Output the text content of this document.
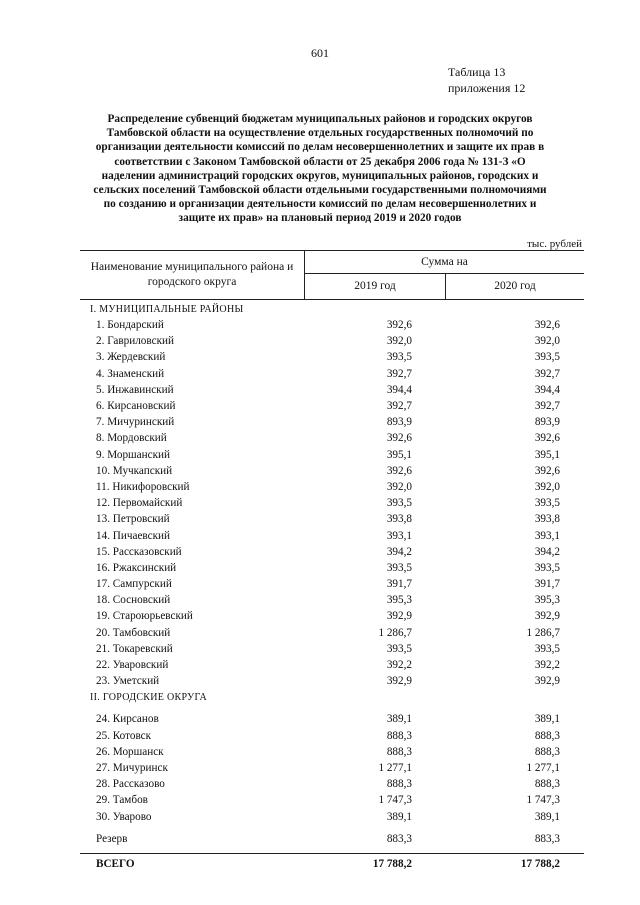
601
Таблица 13
приложения 12
Распределение субвенций бюджетам муниципальных районов и городских округов Тамбовской области на осуществление отдельных государственных полномочий по организации деятельности комиссий по делам несовершеннолетних и защите их прав в соответствии с Законом Тамбовской области от 25 декабря 2006 года № 131-З «О наделении администраций городских округов, муниципальных районов, городских и сельских поселений Тамбовской области отдельными государственными полномочиями по созданию и организации деятельности комиссий по делам несовершеннолетних и защите их прав» на плановый период 2019 и 2020 годов
тыс. рублей
Наименование муниципального района и городского округа
Сумма на
2019 год	2020 год
I. МУНИЦИПАЛЬНЫЕ РАЙОНЫ
1. Бондарский	392,6	392,6
2. Гавриловский	392,0	392,0
3. Жердевский	393,5	393,5
4. Знаменский	392,7	392,7
5. Инжавинский	394,4	394,4
6. Кирсановский	392,7	392,7
7. Мичуринский	893,9	893,9
8. Мордовский	392,6	392,6
9. Моршанский	395,1	395,1
10. Мучкапский	392,6	392,6
11. Никифоровский	392,0	392,0
12. Первомайский	393,5	393,5
13. Петровский	393,8	393,8
14. Пичаевский	393,1	393,1
15. Рассказовский	394,2	394,2
16. Ржаксинский	393,5	393,5
17. Сампурский	391,7	391,7
18. Сосновский	395,3	395,3
19. Староюрьевский	392,9	392,9
20. Тамбовский	1 286,7	1 286,7
21. Токаревский	393,5	393,5
22. Уваровский	392,2	392,2
23. Уметский	392,9	392,9
II. ГОРОДСКИЕ ОКРУГА
24. Кирсанов	389,1	389,1
25. Котовск	888,3	888,3
26. Моршанск	888,3	888,3
27. Мичуринск	1 277,1	1 277,1
28. Рассказово	888,3	888,3
29. Тамбов	1 747,3	1 747,3
30. Уварово	389,1	389,1
Резерв	883,3	883,3
ВСЕГО	17 788,2	17 788,2
